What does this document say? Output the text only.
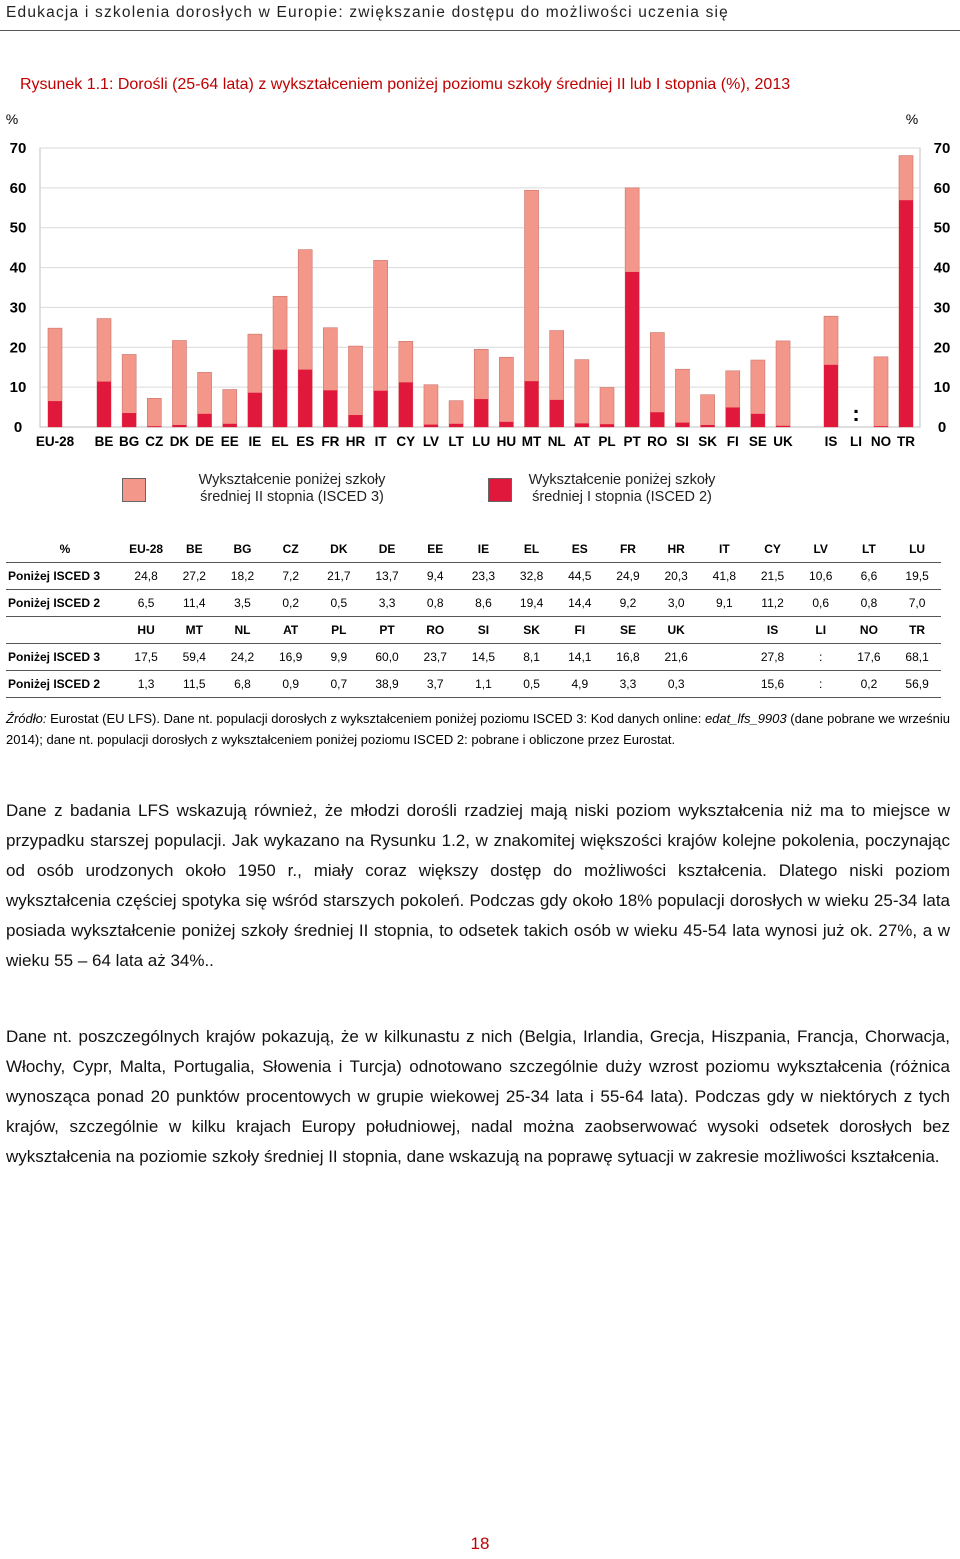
Edukacja i szkolenia dorosłych w Europie: zwiększanie dostępu do możliwości uczenia się
Rysunek 1.1: Dorośli (25-64 lata) z wykształceniem poniżej poziomu szkoły średniej II lub I stopnia (%), 2013
0	0
10	10
20	20
30	30
40	40
50	50
60	60
70	70
%	%
EU-28 BE BG CZ DK DE EE IE EL ES FR HR IT CY LV LT LU HU MT NL AT PL PT RO SI SK FI SE UK IS
:
LI NO TR
Wykształcenie poniżej szkoły
średniej II stopnia (ISCED 3)
Wykształcenie poniżej szkoły
średniej I stopnia (ISCED 2)
%	EU-28	BE	BG	CZ	DK	DE	EE	IE	EL	ES	FR	HR	IT	CY	LV	LT	LU
Poniżej ISCED 3	24,8	27,2	18,2	7,2	21,7	13,7	9,4	23,3	32,8	44,5	24,9	20,3	41,8	21,5	10,6	6,6	19,5
Poniżej ISCED 2	6,5	11,4	3,5	0,2	0,5	3,3	0,8	8,6	19,4	14,4	9,2	3,0	9,1	11,2	0,6	0,8	7,0
	HU	MT	NL	AT	PL	PT	RO	SI	SK	FI	SE	UK		IS	LI	NO	TR
Poniżej ISCED 3	17,5	59,4	24,2	16,9	9,9	60,0	23,7	14,5	8,1	14,1	16,8	21,6		27,8	:	17,6	68,1
Poniżej ISCED 2	1,3	11,5	6,8	0,9	0,7	38,9	3,7	1,1	0,5	4,9	3,3	0,3		15,6	:	0,2	56,9
Źródło: Eurostat (EU LFS). Dane nt. populacji dorosłych z wykształceniem poniżej poziomu ISCED 3: Kod danych online: edat_lfs_9903 (dane pobrane we wrześniu 2014); dane nt. populacji dorosłych z wykształceniem poniżej poziomu ISCED 2: pobrane i obliczone przez Eurostat.
Dane z badania LFS wskazują również, że młodzi dorośli rzadziej mają niski poziom wykształcenia niż ma to miejsce w przypadku starszej populacji. Jak wykazano na Rysunku 1.2, w znakomitej większości krajów kolejne pokolenia, poczynając od osób urodzonych około 1950 r., miały coraz większy dostęp do możliwości kształcenia. Dlatego niski poziom wykształcenia częściej spotyka się wśród starszych pokoleń. Podczas gdy około 18% populacji dorosłych w wieku 25-34 lata posiada wykształcenie poniżej szkoły średniej II stopnia, to odsetek takich osób w wieku 45-54 lata wynosi już ok. 27%, a w wieku 55 – 64 lata aż 34%..
Dane nt. poszczególnych krajów pokazują, że w kilkunastu z nich (Belgia, Irlandia, Grecja, Hiszpania, Francja, Chorwacja, Włochy, Cypr, Malta, Portugalia, Słowenia i Turcja) odnotowano szczególnie duży wzrost poziomu wykształcenia (różnica wynosząca ponad 20 punktów procentowych w grupie wiekowej 25-34 lata i 55-64 lata). Podczas gdy w niektórych z tych krajów, szczególnie w kilku krajach Europy południowej, nadal można zaobserwować wysoki odsetek dorosłych bez wykształcenia na poziomie szkoły średniej II stopnia, dane wskazują na poprawę sytuacji w zakresie możliwości kształcenia.
18
